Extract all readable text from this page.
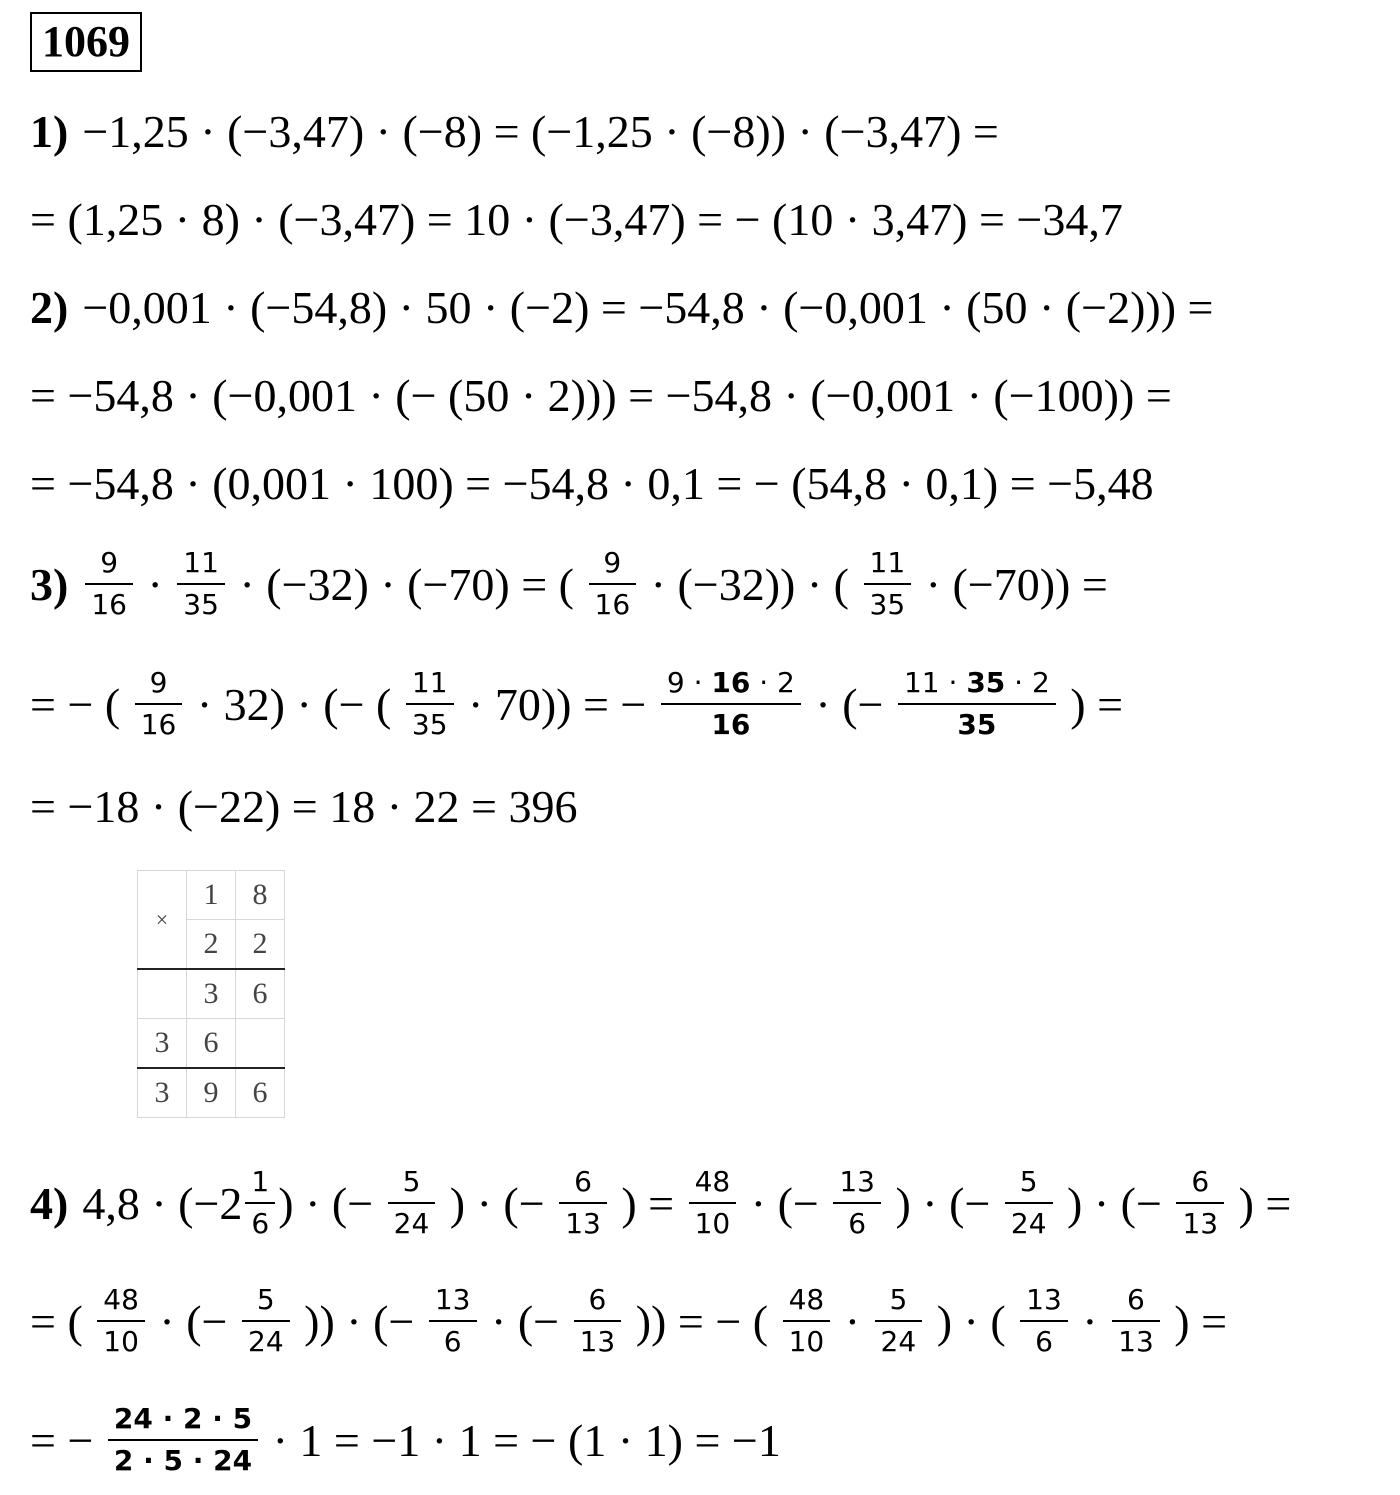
1069
1) −1,25 · (−3,47) · (−8) = (−1,25 · (−8)) · (−3,47) =
= (1,25 · 8) · (−3,47) = 10 · (−3,47) = − (10 · 3,47) = −34,7
2) −0,001 · (−54,8) · 50 · (−2) = −54,8 · (−0,001 · (50 · (−2))) =
= −54,8 · (−0,001 · (− (50 · 2))) = −54,8 · (−0,001 · (−100)) =
= −54,8 · (0,001 · 100) = −54,8 · 0,1 = − (54,8 · 0,1) = −5,48
$3) \frac{9}{16} \cdot \frac{11}{35} \cdot (-32) \cdot (-70)$ = ( $\frac{9}{16} \cdot (-32)$) · ( $\frac{11}{35} \cdot (-70)$) =
= − ( $\frac{9}{16} \cdot 32$) · (− ( $\frac{11}{35} \cdot 70$)) = − $\frac{9 \cdot 16 \cdot 2}{16}$ · (− $\frac{11 \cdot 35 \cdot 2}{35}$ ) =
= −18 · (−22) = 18 · 22 = 396
×	1	8
	2	2
	3	6
3	6	
3	9	6
4) $4,8 \cdot (-2 \frac{1}{6}$ ) · (− $\frac{5}{24}$ ) · (− $\frac{6}{13}$ ) = $\frac{48}{10}$ · (− $\frac{13}{6}$ ) · (− $\frac{5}{24}$ ) · (− $\frac{6}{13}$ ) =
= ( $\frac{48}{10}$ · (− $\frac{5}{24}$ )) · (− $\frac{13}{6}$ · (− $\frac{6}{13}$ )) = − ( $\frac{48}{10} \cdot \frac{5}{24}$ ) · ( $\frac{13}{6} \cdot \frac{6}{13}$ ) =
= − $\frac{24 \cdot 2 \cdot 5}{2 \cdot 5 \cdot 24} \cdot 1 = -1 \cdot 1$ = − (1 · 1) = −1
